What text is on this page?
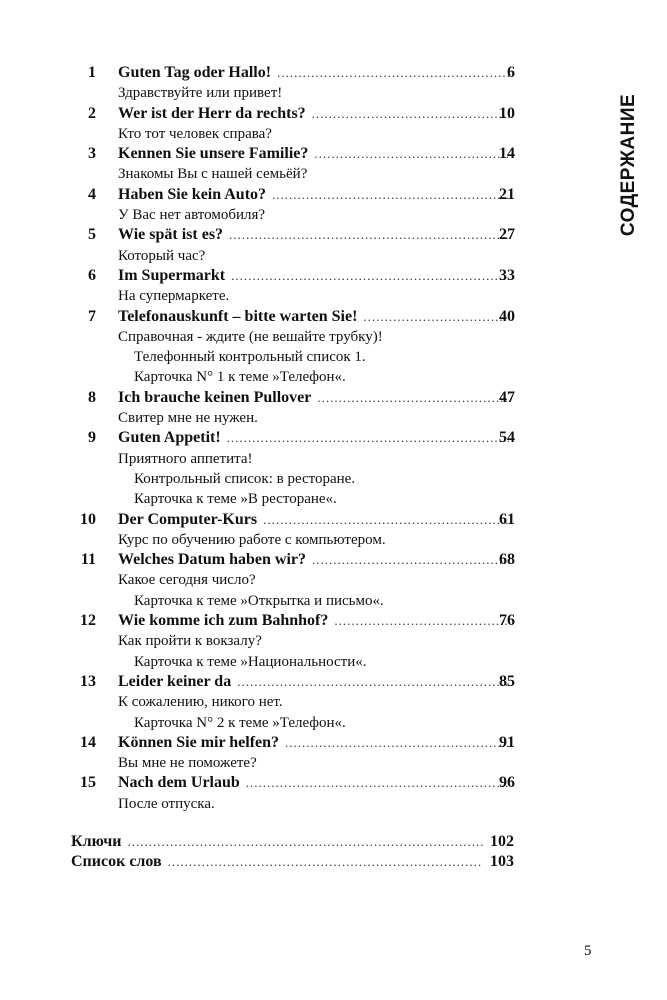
СОДЕРЖАНИЕ
1 Guten Tag oder Hallo! .....	6
Здравствуйте или привет!
2 Wer ist der Herr da rechts? .....	10
Кто тот человек справа?
3 Kennen Sie unsere Familie? .....	14
Знакомы Вы с нашей семьёй?
4 Haben Sie kein Auto? .....	21
У Вас нет автомобиля?
5 Wie spät ist es? .....	27
Который час?
6 Im Supermarkt .....	33
На супермаркете.
7 Telefonauskunft – bitte warten Sie! .....	40
Справочная - ждите (не вешайте трубку)!
Телефонный контрольный список 1.
Карточка N° 1 к теме »Телефон«.
8 Ich brauche keinen Pullover .....	47
Свитер мне не нужен.
9 Guten Appetit! .....	54
Приятного аппетита!
Контрольный список: в ресторане.
Карточка к теме »В ресторане«.
10 Der Computer-Kurs .....	61
Курс по обучению работе с компьютером.
11 Welches Datum haben wir? .....	68
Какое сегодня число?
Карточка к теме »Открытка и письмо«.
12 Wie komme ich zum Bahnhof? .....	76
Как пройти к вокзалу?
Карточка к теме »Национальности«.
13 Leider keiner da .....	85
К сожалению, никого нет.
Карточка N° 2 к теме »Телефон«.
14 Können Sie mir helfen? .....	91
Вы мне не поможете?
15 Nach dem Urlaub .....	96
После отпуска.
Ключи .....	102
Список слов .....	103
5
